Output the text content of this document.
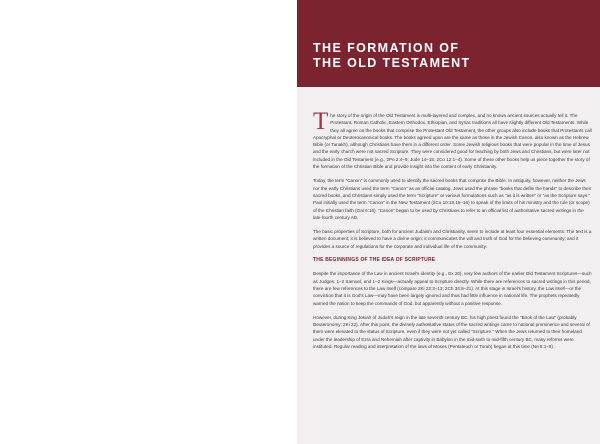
THE FORMATION OF
THE OLD TESTAMENT

The story of the origin of the Old Testament is multi-layered and complex, and no known ancient sources actually tell it. The Protestant, Roman Catholic, Eastern Orthodox, Ethiopian, and Syriac traditions all have slightly different Old Testaments. While they all agree on the books that comprise the Protestant Old Testament, the other groups also include books that Protestants call Apocryphal or Deuterocanonical books. The books agreed upon are the same as those in the Jewish Canon, also known as the Hebrew Bible (or Tanakh), although Christians have them in a different order. Some Jewish religious books that were popular in the time of Jesus and the early church were not sacred Scripture. They were considered good for teaching by both Jews and Christians, but were later not included in the Old Testament (e.g., 2Pe 2:4–9; Jude 14–15; 2Co 12:1–4). Some of these other books help us piece together the story of the formation of the Christian Bible and provide insight into the content of early Christianity.

Today, the term "Canon" is commonly used to identify the sacred books that comprise the Bible. In antiquity, however, neither the Jews nor the early Christians used the term "Canon" as an official catalog. Jews used the phrase "books that defile the hands" to describe their sacred books, and Christians simply used the term "Scripture" or various formulations such as "as it is written" or "as the Scripture says." Paul initially used the term "Canon" in the New Testament (2Co 10:13,15–16) to speak of the limits of his ministry and the rule (or scope) of the Christian faith (Gal 6:16). "Canon" began to be used by Christians to refer to an official list of authoritative sacred writings in the late fourth century AD.

The basic properties of Scripture, both for ancient Judaism and Christianity, seem to include at least four essential elements: The text is a written document; it is believed to have a divine origin; it communicates the will and truth of God for the believing community; and it provides a source of regulations for the corporate and individual life of the community.

THE BEGINNINGS OF THE IDEA OF SCRIPTURE

Despite the importance of the Law in ancient Israel's identity (e.g., Ex 20), very few authors of the earlier Old Testament Scriptures—such as Judges, 1–2 Samuel, and 1–2 Kings—actually appeal to Scripture directly. While there are references to sacred writings in this period, there are few references to the Law itself (compare 2Ki 22:3–13; 2Ch 34:8–21). At this stage in Israel's history, the Law itself—or the conviction that it is God's Law—may have been largely ignored and thus had little influence in national life. The prophets repeatedly warned the nation to keep the commands of God, but apparently without a positive response.

However, during King Josiah of Judah's reign in the late seventh century BC, his high priest found the "Book of the Law" (probably Deuteronomy; 2Ki 22). After this point, the divinely authoritative status of the sacred writings came to national prominence and several of them were elevated to the status of Scripture, even if they were not yet called "Scripture." When the Jews returned to their homeland under the leadership of Ezra and Nehemiah after captivity in Babylon in the mid-sixth to mid-fifth century BC, many reforms were instituted. Regular reading and interpretation of the laws of Moses (Pentateuch or Torah) began at this time (Ne 8:1–8).
